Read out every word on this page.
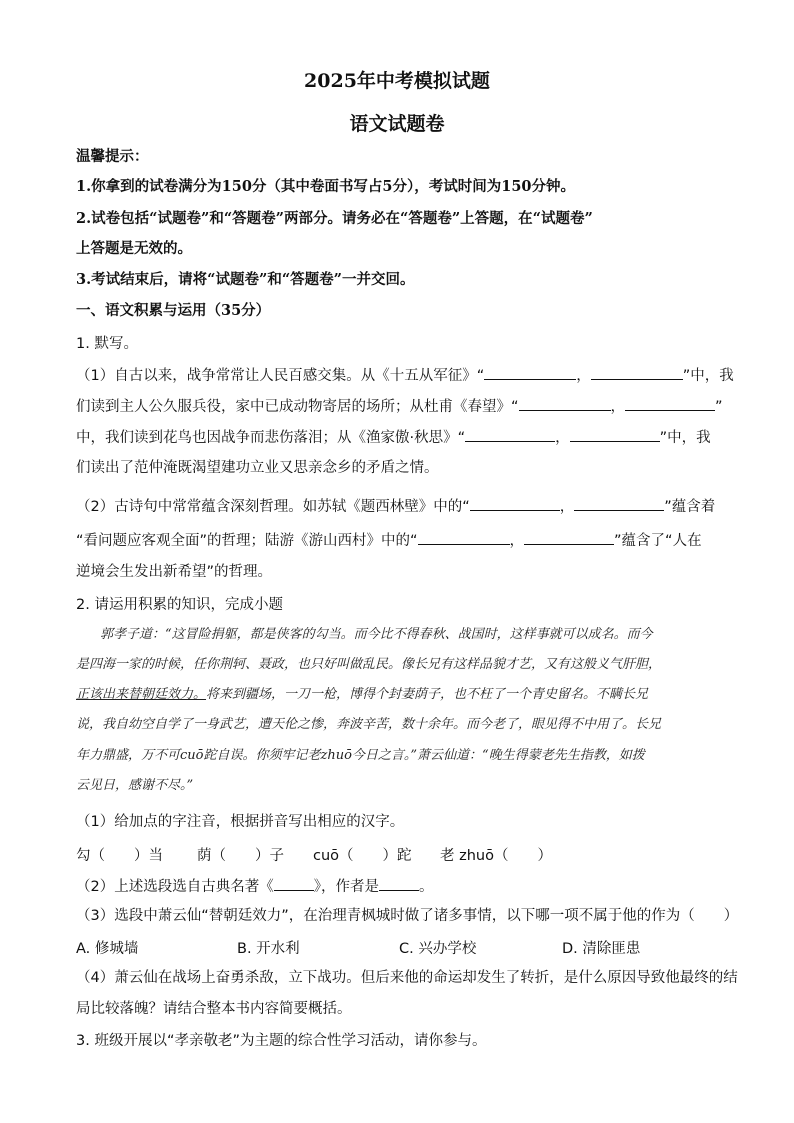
2025年中考模拟试题
语文试题卷
温馨提示：
1.你拿到的试卷满分为150分（其中卷面书写占5分），考试时间为150分钟。
2.试卷包括“试题卷”和“答题卷”两部分。请务必在“答题卷”上答题，在“试题卷”
上答题是无效的。
3.考试结束后，请将“试题卷”和“答题卷”一并交回。
一、语文积累与运用（35分）
1. 默写。
（1）自古以来，战争常常让人民百感交集。从《十五从军征》“	，	”中，我
们读到主人公久服兵役，家中已成动物寄居的场所；从杜甫《春望》“	，	”
中，我们读到花鸟也因战争而悲伤落泪；从《渔家傲·秋思》“	，	”中，我
们读出了范仲淹既渴望建功立业又思亲念乡的矛盾之情。
（2）古诗句中常常蕴含深刻哲理。如苏轼《题西林壁》中的“	，	”蕴含着
“看问题应客观全面”的哲理；陆游《游山西村》中的“	，	”蕴含了“人在
逆境会生发出新希望”的哲理。
2. 请运用积累的知识，完成小题
郭孝子道：“这冒险捐躯，都是侠客的勾当。而今比不得春秋、战国时，这样事就可以成名。而今
是四海一家的时候，任你荆轲、聂政，也只好叫做乱民。像长兄有这样品貌才艺，又有这般义气肝胆，
正该出来替朝廷效力。将来到疆场，一刀一枪，博得个封妻荫子，也不枉了一个青史留名。不瞒长兄
说，我自幼空自学了一身武艺，遭天伦之惨，奔波辛苦，数十余年。而今老了，眼见得不中用了。长兄
年力鼎盛，万不可cuō跎自误。你须牢记老zhuō今日之言。”萧云仙道：“晚生得蒙老先生指教，如拨
云见日，感谢不尽。”
（1）给加点的字注音，根据拼音写出相应的汉字。
勾（　　）当 荫（　　）子 cuō（　　）跎 老 zhuō（　　）
（2）上述选段选自古典名著《	》，作者是	。
（3）选段中萧云仙“替朝廷效力”，在治理青枫城时做了诸多事情，以下哪一项不属于他的作为（　　）
A. 修城墙	B. 开水利	C. 兴办学校	D. 清除匪患
（4）萧云仙在战场上奋勇杀敌，立下战功。但后来他的命运却发生了转折，是什么原因导致他最终的结
局比较落魄？请结合整本书内容简要概括。
3. 班级开展以“孝亲敬老”为主题的综合性学习活动，请你参与。
